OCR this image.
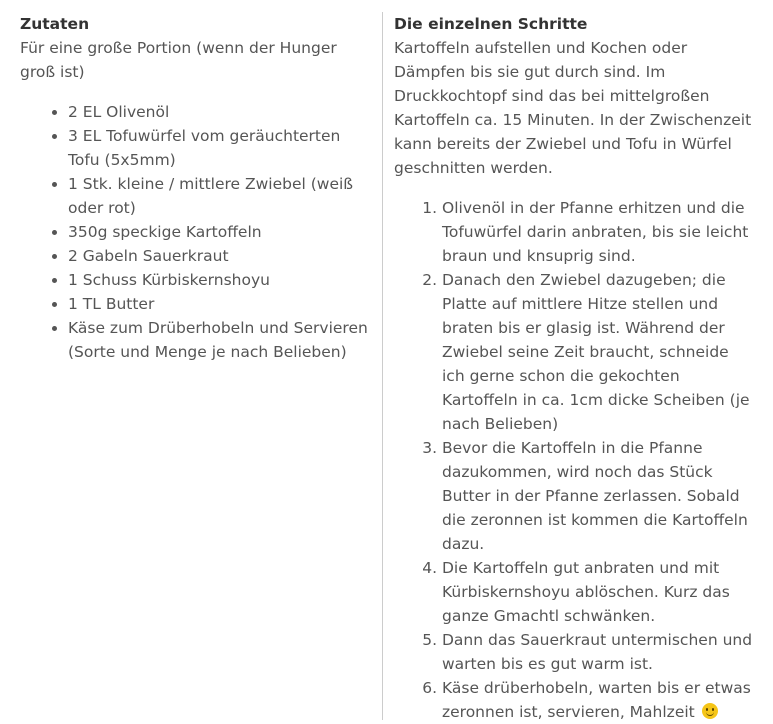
Zutaten

Für eine große Portion (wenn der Hunger groß ist)

• 2 EL Olivenöl
• 3 EL Tofuwürfel vom geräuchterten Tofu (5x5mm)
• 1 Stk. kleine / mittlere Zwiebel (weiß oder rot)
• 350g speckige Kartoffeln
• 2 Gabeln Sauerkraut
• 1 Schuss Kürbiskernshoyu
• 1 TL Butter
• Käse zum Drüberhobeln und Servieren (Sorte und Menge je nach Belieben)
Die einzelnen Schritte

Kartoffeln aufstellen und Kochen oder Dämpfen bis sie gut durch sind. Im Druckkochtopf sind das bei mittelgroßen Kartoffeln ca. 15 Minuten. In der Zwischenzeit kann bereits der Zwiebel und Tofu in Würfel geschnitten werden.

1. Olivenöl in der Pfanne erhitzen und die Tofuwürfel darin anbraten, bis sie leicht braun und knsuprig sind.
2. Danach den Zwiebel dazugeben; die Platte auf mittlere Hitze stellen und braten bis er glasig ist. Während der Zwiebel seine Zeit braucht, schneide ich gerne schon die gekochten Kartoffeln in ca. 1cm dicke Scheiben (je nach Belieben)
3. Bevor die Kartoffeln in die Pfanne dazukommen, wird noch das Stück Butter in der Pfanne zerlassen. Sobald die zeronnen ist kommen die Kartoffeln dazu.
4. Die Kartoffeln gut anbraten und mit Kürbiskernshoyu ablöschen. Kurz das ganze Gmachtl schwänken.
5. Dann das Sauerkraut untermischen und warten bis es gut warm ist.
6. Käse drüberhobeln, warten bis er etwas zeronnen ist, servieren, Mahlzeit
